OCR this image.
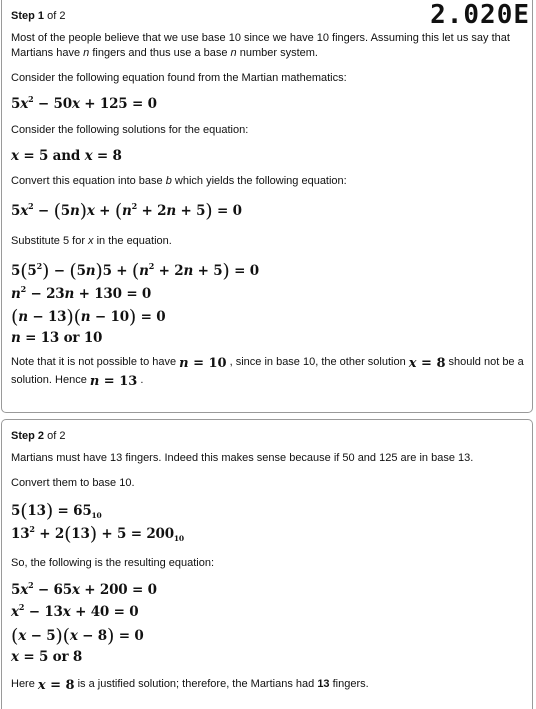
2.020E
Step 1 of 2
Most of the people believe that we use base 10 since we have 10 fingers. Assuming this let us say that
Martians have n fingers and thus use a base n number system.
Consider the following equation found from the Martian mathematics:
$5x^2 - 50x + 125 = 0$
Consider the following solutions for the equation:
x = 5 and x = 8
Convert this equation into base b which yields the following equation:
$5x^2 - (5n)x + (n^2 + 2n + 5) = 0$
Substitute 5 for x in the equation.
$5(5^2) - (5n)5 + (n^2 + 2n + 5) = 0$
$n^2 - 23n + 130 = 0$
(n − 13)(n − 10) = 0
n = 13 or 10
Note that it is not possible to have n = 10 , since in base 10, the other solution x = 8 should not be a
solution. Hence n = 13 .
Step 2 of 2
Martians must have 13 fingers. Indeed this makes sense because if 50 and 125 are in base 13.
Convert them to base 10.
$5(13) = 65_{10}$
$13^2 + 2(13) + 5 = 200_{10}$
So, the following is the resulting equation:
$5x^2 - 65x + 200 = 0$
$x^2 - 13x + 40 = 0$
(x − 5)(x − 8) = 0
x = 5 or 8
Here x = 8 is a justified solution; therefore, the Martians had 13 fingers.
